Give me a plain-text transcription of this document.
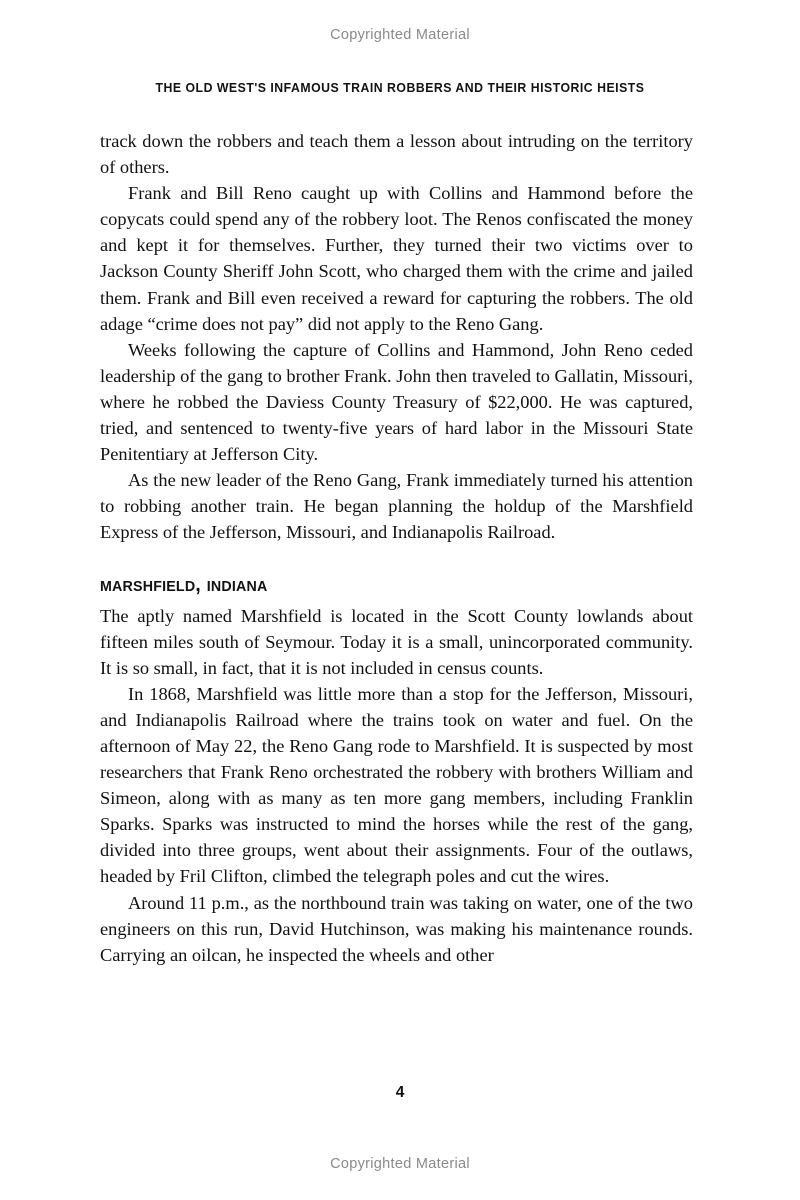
Copyrighted Material
THE OLD WEST'S INFAMOUS TRAIN ROBBERS AND THEIR HISTORIC HEISTS

track down the robbers and teach them a lesson about intruding on the territory of others.

Frank and Bill Reno caught up with Collins and Hammond before the copycats could spend any of the robbery loot. The Renos confiscated the money and kept it for themselves. Further, they turned their two victims over to Jackson County Sheriff John Scott, who charged them with the crime and jailed them. Frank and Bill even received a reward for capturing the robbers. The old adage “crime does not pay” did not apply to the Reno Gang.

Weeks following the capture of Collins and Hammond, John Reno ceded leadership of the gang to brother Frank. John then traveled to Gallatin, Missouri, where he robbed the Daviess County Treasury of $22,000. He was captured, tried, and sentenced to twenty-five years of hard labor in the Missouri State Penitentiary at Jefferson City.

As the new leader of the Reno Gang, Frank immediately turned his attention to robbing another train. He began planning the holdup of the Marshfield Express of the Jefferson, Missouri, and Indianapolis Railroad.

marshfield, indiana

The aptly named Marshfield is located in the Scott County lowlands about fifteen miles south of Seymour. Today it is a small, unincorporated community. It is so small, in fact, that it is not included in census counts.

In 1868, Marshfield was little more than a stop for the Jefferson, Missouri, and Indianapolis Railroad where the trains took on water and fuel. On the afternoon of May 22, the Reno Gang rode to Marshfield. It is suspected by most researchers that Frank Reno orchestrated the robbery with brothers William and Simeon, along with as many as ten more gang members, including Franklin Sparks. Sparks was instructed to mind the horses while the rest of the gang, divided into three groups, went about their assignments. Four of the outlaws, headed by Fril Clifton, climbed the telegraph poles and cut the wires.

Around 11 p.m., as the northbound train was taking on water, one of the two engineers on this run, David Hutchinson, was making his maintenance rounds. Carrying an oilcan, he inspected the wheels and other

4
Copyrighted Material
